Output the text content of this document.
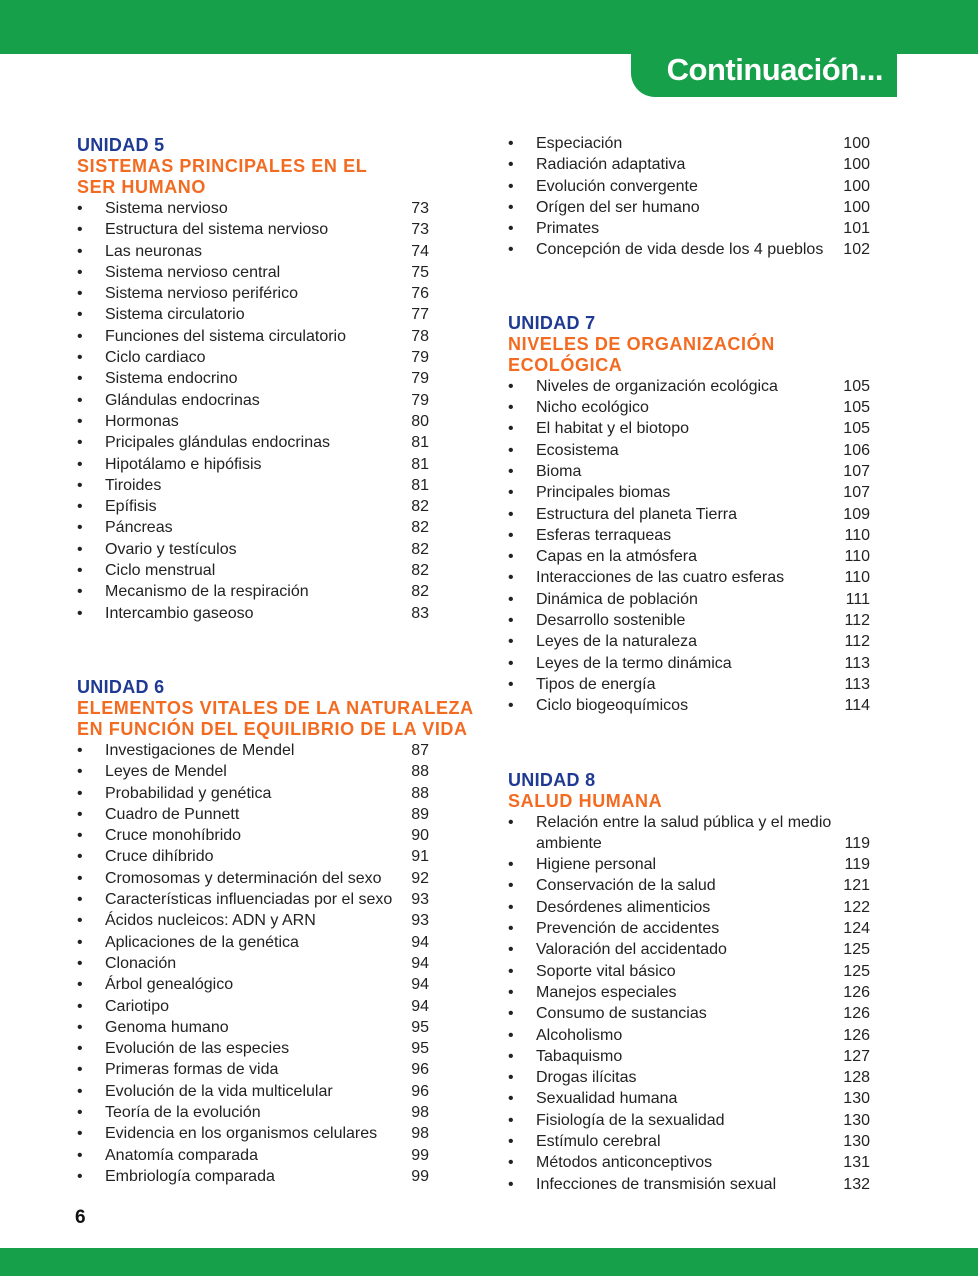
Continuación...
UNIDAD 5
SISTEMAS PRINCIPALES EN EL
SER HUMANO
•	Sistema nervioso	73
•	Estructura del sistema nervioso	73
•	Las neuronas	74
•	Sistema nervioso central	75
•	Sistema nervioso periférico	76
•	Sistema circulatorio	77
•	Funciones del sistema circulatorio	78
•	Ciclo cardiaco	79
•	Sistema endocrino	79
•	Glándulas endocrinas	79
•	Hormonas	80
•	Pricipales glándulas endocrinas	81
•	Hipotálamo e hipófisis	81
•	Tiroides	81
•	Epífisis	82
•	Páncreas	82
•	Ovario y testículos	82
•	Ciclo menstrual	82
•	Mecanismo de la respiración	82
•	Intercambio gaseoso	83
UNIDAD 6
ELEMENTOS VITALES DE LA NATURALEZA
EN FUNCIÓN DEL EQUILIBRIO DE LA VIDA
•	Investigaciones de Mendel	87
•	Leyes de Mendel	88
•	Probabilidad y genética	88
•	Cuadro de Punnett	89
•	Cruce monohíbrido	90
•	Cruce dihíbrido	91
•	Cromosomas y determinación del sexo	92
•	Características influenciadas por el sexo	93
•	Ácidos nucleicos: ADN y ARN	93
•	Aplicaciones de la genética	94
•	Clonación	94
•	Árbol genealógico	94
•	Cariotipo	94
•	Genoma humano	95
•	Evolución de las especies	95
•	Primeras formas de vida	96
•	Evolución de la vida multicelular	96
•	Teoría de la evolución	98
•	Evidencia en los organismos celulares	98
•	Anatomía comparada	99
•	Embriología comparada	99
•	Especiación	100
•	Radiación adaptativa	100
•	Evolución convergente	100
•	Orígen del ser humano	100
•	Primates	101
•	Concepción de vida desde los 4 pueblos	102
UNIDAD 7
NIVELES DE ORGANIZACIÓN
ECOLÓGICA
•	Niveles de organización ecológica	105
•	Nicho ecológico	105
•	El habitat y el biotopo	105
•	Ecosistema	106
•	Bioma	107
•	Principales biomas	107
•	Estructura del planeta Tierra	109
•	Esferas terraqueas	110
•	Capas en la atmósfera	110
•	Interacciones de las cuatro esferas	110
•	Dinámica de población	111
•	Desarrollo sostenible	112
•	Leyes de la naturaleza	112
•	Leyes de la termo dinámica	113
•	Tipos de energía	113
•	Ciclo biogeoquímicos	114
UNIDAD 8
SALUD HUMANA
•	Relación entre la salud pública y el medio
ambiente	119
•	Higiene personal	119
•	Conservación de la salud	121
•	Desórdenes alimenticios	122
•	Prevención de accidentes	124
•	Valoración del accidentado	125
•	Soporte vital básico	125
•	Manejos especiales	126
•	Consumo de sustancias	126
•	Alcoholismo	126
•	Tabaquismo	127
•	Drogas ilícitas	128
•	Sexualidad humana	130
•	Fisiología de la sexualidad	130
•	Estímulo cerebral	130
•	Métodos anticonceptivos	131
•	Infecciones de transmisión sexual	132
6
